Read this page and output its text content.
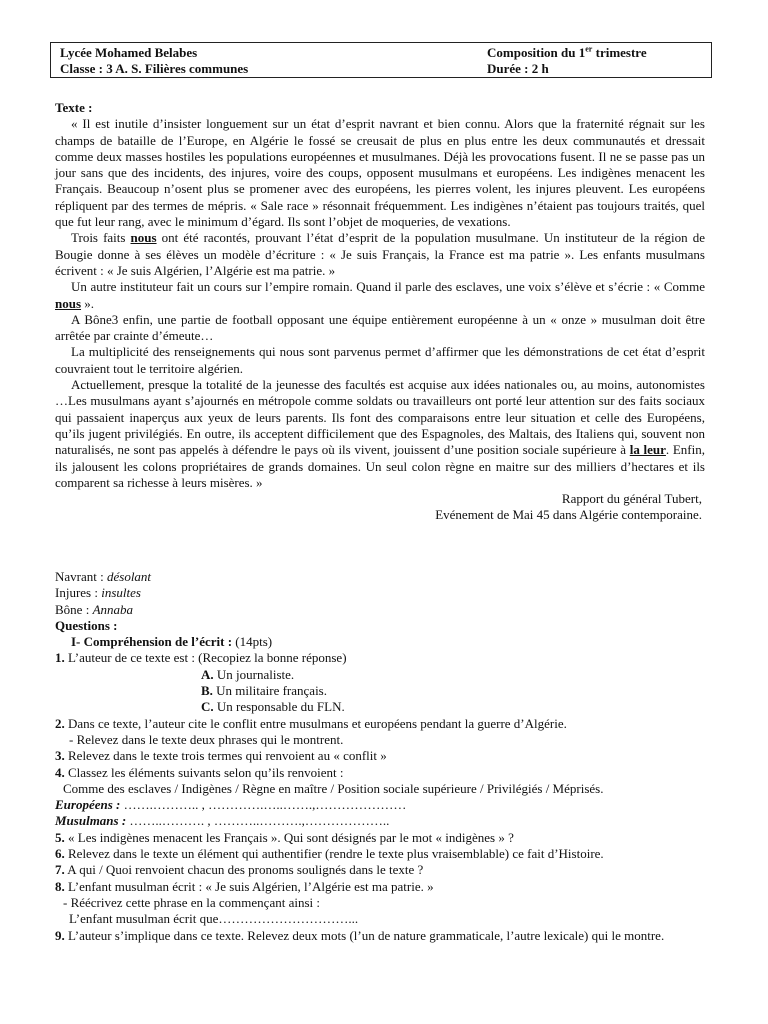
Lycée Mohamed Belabes
Classe : 3 A. S. Filières communes
Composition du 1er trimestre
Durée : 2 h

Texte :

« Il est inutile d’insister longuement sur un état d’esprit navrant et bien connu. Alors que la fraternité régnait sur les champs de bataille de l’Europe, en Algérie le fossé se creusait de plus en plus entre les deux communautés et dressait comme deux masses hostiles les populations européennes et musulmanes. Déjà les provocations fusent. Il ne se passe pas un jour sans que des incidents, des injures, voire des coups, opposent musulmans et européens. Les indigènes menacent les Français. Beaucoup n’osent plus se promener avec des européens, les pierres volent, les injures pleuvent. Les européens répliquent par des termes de mépris. « Sale race » résonnait fréquemment. Les indigènes n’étaient pas toujours traités, quel que fut leur rang, avec le minimum d’égard. Ils sont l’objet de moqueries, de vexations.

Trois faits nous ont été racontés, prouvant l’état d’esprit de la population musulmane. Un instituteur de la région de Bougie donne à ses élèves un modèle d’écriture : « Je suis Français, la France est ma patrie ». Les enfants musulmans écrivent : « Je suis Algérien, l’Algérie est ma patrie. »

Un autre instituteur fait un cours sur l’empire romain. Quand il parle des esclaves, une voix s’élève et s’écrie : « Comme nous ».

A Bône3 enfin, une partie de football opposant une équipe entièrement européenne à un « onze » musulman doit être arrêtée par crainte d’émeute…

La multiplicité des renseignements qui nous sont parvenus permet d’affirmer que les démonstrations de cet état d’esprit couvraient tout le territoire algérien.

Actuellement, presque la totalité de la jeunesse des facultés est acquise aux idées nationales ou, au moins, autonomistes …Les musulmans ayant s’ajournés en métropole comme soldats ou travailleurs ont porté leur attention sur des faits sociaux qui passaient inaperçus aux yeux de leurs parents. Ils font des comparaisons entre leur situation et celle des Européens, qu’ils jugent privilégiés. En outre, ils acceptent difficilement que des Espagnoles, des Maltais, des Italiens qui, souvent non naturalisés, ne sont pas appelés à défendre le pays où ils vivent, jouissent d’une position sociale supérieure à la leur. Enfin, ils jalousent les colons propriétaires de grands domaines. Un seul colon règne en maitre sur des milliers d’hectares et ils comparent sa richesse à leurs misères. »

Rapport du général Tubert,

Evénement de Mai 45 dans Algérie contemporaine.

Navrant : désolant

Injures : insultes

Bône : Annaba

Questions :

I- Compréhension de l’écrit : (14pts)

1. L’auteur de ce texte est : (Recopiez la bonne réponse)

A. Un journaliste.

B. Un militaire français.

C. Un responsable du FLN.

2. Dans ce texte, l’auteur cite le conflit entre musulmans et européens pendant la guerre d’Algérie.

- Relevez dans le texte deux phrases qui le montrent.

3. Relevez dans le texte trois termes qui renvoient au « conflit »

4. Classez les éléments suivants selon qu’ils renvoient :

Comme des esclaves / Indigènes / Règne en maître / Position sociale supérieure / Privilégiés / Méprisés.

Européens : …….……….. , ………….…..…….,…………………

Musulmans : ……..………. , ………..……….,………………..

5. « Les indigènes menacent les Français ». Qui sont désignés par le mot « indigènes » ?

6. Relevez dans le texte un élément qui authentifier (rendre le texte plus vraisemblable) ce fait d’Histoire.

7. A qui / Quoi renvoient chacun des pronoms soulignés dans le texte ?

8. L’enfant musulman écrit : « Je suis Algérien, l’Algérie est ma patrie. »

- Réécrivez cette phrase en la commençant ainsi :

L’enfant musulman écrit que…………………………...

9. L’auteur s’implique dans ce texte. Relevez deux mots (l’un de nature grammaticale, l’autre lexicale) qui le montre.
